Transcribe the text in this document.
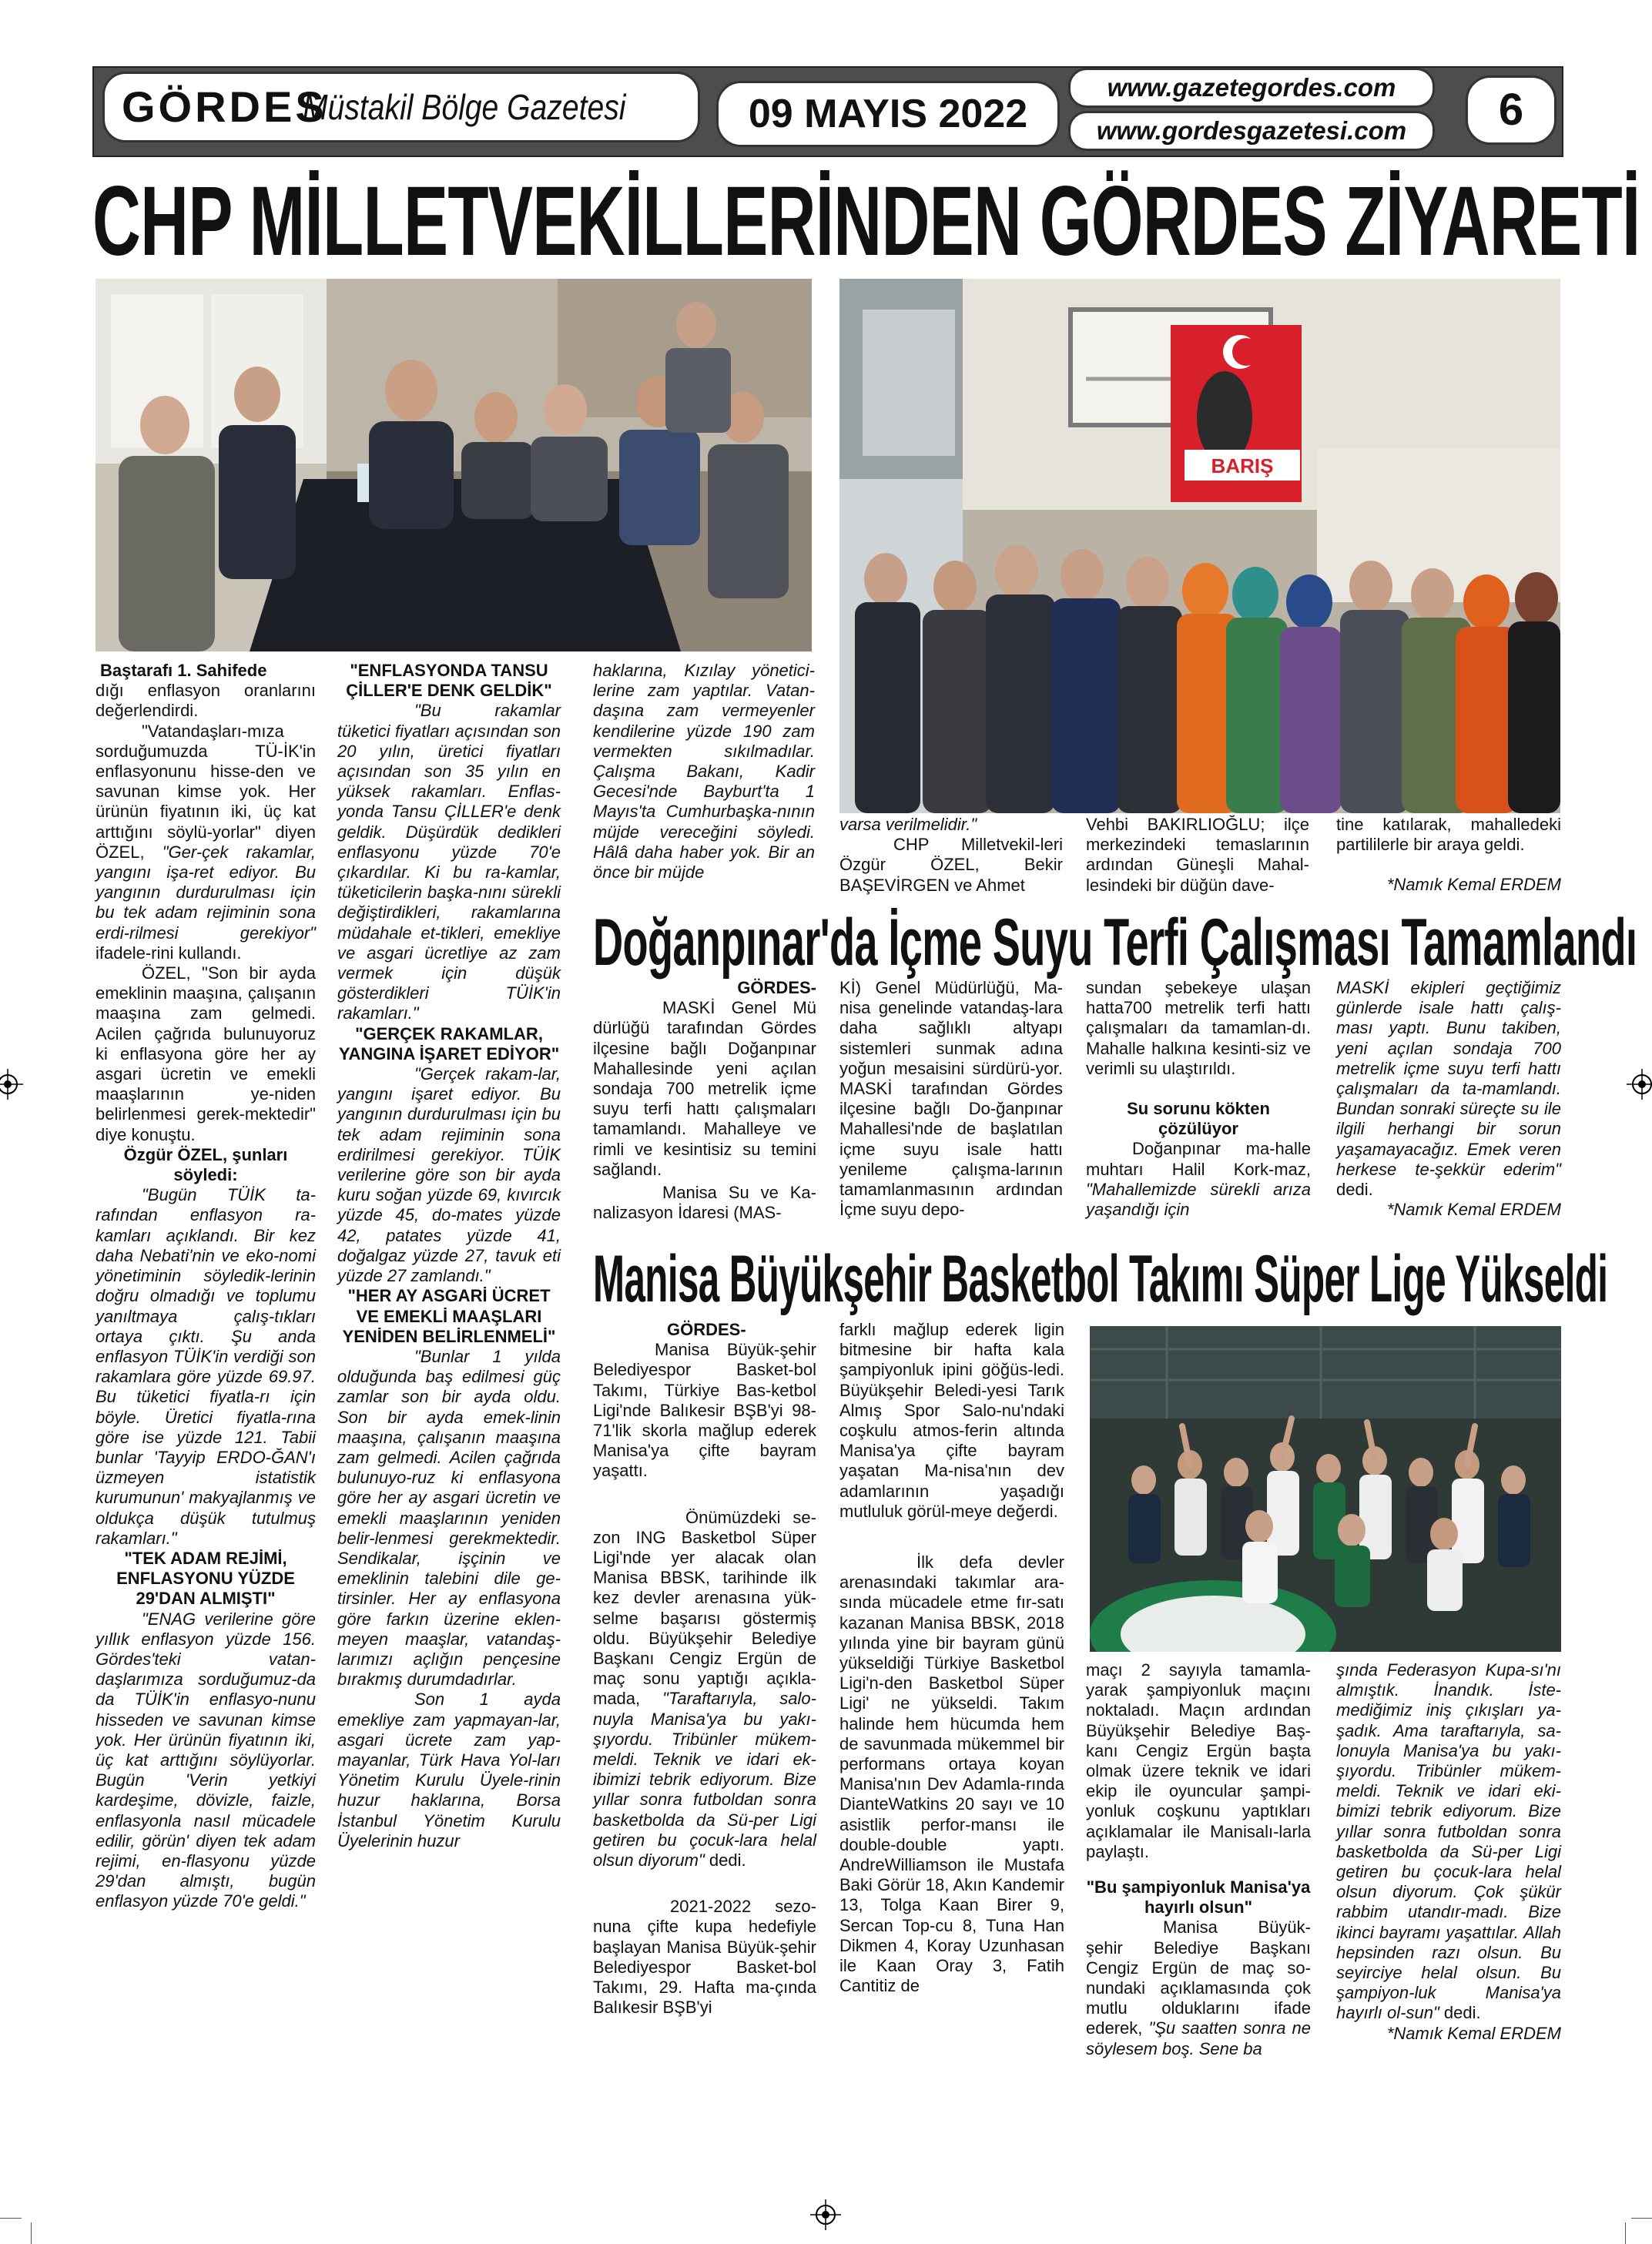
GÖRDES
Müstakil Bölge Gazetesi	09 MAYIS 2022
www.gazetegordes.com
www.gordesgazetesi.com	6
CHP MİLLETVEKİLLERİNDEN GÖRDES ZİYARETİ
BARIŞ

Baştarafı 1. Sahifede

dığı enflasyon oranlarını değerlendirdi.

"Vatandaşları-mıza sorduğumuzda TÜ-İK'in enflasyonunu hisse-den ve savunan kimse yok. Her ürünün fiyatının iki, üç kat arttığını söylü-yorlar" diyen ÖZEL, "Ger-çek rakamlar, yangını işa-ret ediyor. Bu yangının durdurulması için bu tek adam rejiminin sona erdi-rilmesi gerekiyor" ifadele-rini kullandı.

ÖZEL, "Son bir ayda emeklinin maaşına, çalışanın maaşına zam gelmedi. Acilen çağrıda bulunuyoruz ki enflasyona göre her ay asgari ücretin ve emekli maaşlarının ye-niden belirlenmesi gerek-mektedir" diye konuştu.

Özgür ÖZEL, şunları söyledi:

"Bugün TÜİK ta-rafından enflasyon ra-kamları açıklandı. Bir kez daha Nebati'nin ve eko-nomi yönetiminin söyledik-lerinin doğru olmadığı ve toplumu yanıltmaya çalış-tıkları ortaya çıktı. Şu anda enflasyon TÜİK'in verdiği son rakamlara göre yüzde 69.97. Bu tüketici fiyatla-rı için böyle. Üretici fiyatla-rına göre ise yüzde 121. Tabii bunlar 'Tayyip ERDO-ĞAN'ı üzmeyen istatistik kurumunun' makyajlanmış ve oldukça düşük tutulmuş rakamları."

"TEK ADAM REJİMİ, ENFLASYONU YÜZDE 29'DAN ALMIŞTI"

"ENAG verilerine göre yıllık enflasyon yüzde 156. Gördes'teki vatan-daşlarımıza sorduğumuz-da da TÜİK'in enflasyo-nunu hisseden ve savunan kimse yok. Her ürünün fiyatının iki, üç kat arttığını söylüyorlar. Bugün 'Verin yetkiyi kardeşime, dövizle, faizle, enflasyonla nasıl mücadele edilir, görün' diyen tek adam rejimi, en-flasyonu yüzde 29'dan almıştı, bugün enflasyon yüzde 70'e geldi."

"ENFLASYONDA TANSU ÇİLLER'E DENK GELDİK"

"Bu rakamlar tüketici fiyatları açısından son 20 yılın, üretici fiyatları açısından son 35 yılın en yüksek rakamları. Enflas-yonda Tansu ÇİLLER'e denk geldik. Düşürdük dedikleri enflasyonu yüzde 70'e çıkardılar. Ki bu ra-kamlar, tüketicilerin başka-nını sürekli değiştirdikleri, rakamlarına müdahale et-tikleri, emekliye ve asgari ücretliye az zam vermek için düşük gösterdikleri TÜİK'in rakamları."

"GERÇEK RAKAMLAR, YANGINA İŞARET EDİYOR"

"Gerçek rakam-lar, yangını işaret ediyor. Bu yangının durdurulması için bu tek adam rejiminin sona erdirilmesi gerekiyor. TÜİK verilerine göre son bir ayda kuru soğan yüzde 69, kıvırcık yüzde 45, do-mates yüzde 42, patates yüzde 41, doğalgaz yüzde 27, tavuk eti yüzde 27 zamlandı."

"HER AY ASGARİ ÜCRET VE EMEKLİ MAAŞLARI YENİDEN BELİRLENMELİ"

"Bunlar 1 yılda olduğunda baş edilmesi güç zamlar son bir ayda oldu. Son bir ayda emek-linin maaşına, çalışanın maaşına zam gelmedi. Acilen çağrıda bulunuyo-ruz ki enflasyona göre her ay asgari ücretin ve emekli maaşlarının yeniden belir-lenmesi gerekmektedir. Sendikalar, işçinin ve emeklinin talebini dile ge-tirsinler. Her ay enflasyona göre farkın üzerine eklen-meyen maaşlar, vatandaş-larımızı açlığın pençesine bırakmış durumdadırlar.

Son 1 ayda emekliye zam yapmayan-lar, asgari ücrete zam yap-mayanlar, Türk Hava Yol-ları Yönetim Kurulu Üyele-rinin huzur haklarına, Borsa İstanbul Yönetim Kurulu Üyelerinin huzur

haklarına, Kızılay yönetici-lerine zam yaptılar. Vatan-daşına zam vermeyenler kendilerine yüzde 190 zam vermekten sıkılmadılar. Çalışma Bakanı, Kadir Gecesi'nde Bayburt'ta 1 Mayıs'ta Cumhurbaşka-nının müjde vereceğini söyledi. Hâlâ daha haber yok. Bir an önce bir müjde

varsa verilmelidir."

CHP Milletvekil-leri Özgür ÖZEL, Bekir BAŞEVİRGEN ve Ahmet

Vehbi BAKIRLIOĞLU; ilçe merkezindeki temaslarının ardından Güneşli Mahal-lesindeki bir düğün dave-

tine katılarak, mahalledeki partililerle bir araya geldi.

*Namık Kemal ERDEM

Doğanpınar'da İçme Suyu Terfi Çalışması Tamamlandı

GÖRDES-

MASKİ Genel Mü dürlüğü tarafından Gördes ilçesine bağlı Doğanpınar Mahallesinde yeni açılan sondaja 700 metrelik içme suyu terfi hattı çalışmaları tamamlandı. Mahalleye ve rimli ve kesintisiz su temini sağlandı.

Manisa Su ve Ka-nalizasyon İdaresi (MAS-

Kİ) Genel Müdürlüğü, Ma-nisa genelinde vatandaş-lara daha sağlıklı altyapı sistemleri sunmak adına yoğun mesaisini sürdürü-yor. MASKİ tarafından Gördes ilçesine bağlı Do-ğanpınar Mahallesi'nde de başlatılan içme suyu isale hattı yenileme çalışma-larının tamamlanmasının ardından İçme suyu depo-

sundan şebekeye ulaşan hatta700 metrelik terfi hattı çalışmaları da tamamlan-dı. Mahalle halkına kesinti-siz ve verimli su ulaştırıldı.

Su sorunu kökten çözülüyor

Doğanpınar ma-halle muhtarı Halil Kork-maz, "Mahallemizde sürekli arıza yaşandığı için

MASKİ ekipleri geçtiğimiz günlerde isale hattı çalış-ması yaptı. Bunu takiben, yeni açılan sondaja 700 metrelik içme suyu terfi hattı çalışmaları da ta-mamlandı. Bundan sonraki süreçte su ile ilgili herhangi bir sorun yaşamayacağız. Emek veren herkese te-şekkür ederim" dedi.

*Namık Kemal ERDEM

Manisa Büyükşehir Basketbol Takımı Süper Lige Yükseldi

GÖRDES-

Manisa Büyük-şehir Belediyespor Basket-bol Takımı, Türkiye Bas-ketbol Ligi'nde Balıkesir BŞB'yi 98-71'lik skorla mağlup ederek Manisa'ya çifte bayram yaşattı.

Önümüzdeki se-zon ING Basketbol Süper Ligi'nde yer alacak olan Manisa BBSK, tarihinde ilk kez devler arenasına yük-selme başarısı göstermiş oldu. Büyükşehir Belediye Başkanı Cengiz Ergün de maç sonu yaptığı açıkla-mada, "Taraftarıyla, salo-nuyla Manisa'ya bu yakı-şıyordu. Tribünler mükem-meldi. Teknik ve idari ek-ibimizi tebrik ediyorum. Bize yıllar sonra futboldan sonra basketbolda da Sü-per Ligi getiren bu çocuk-lara helal olsun diyorum" dedi.

2021-2022 sezo-nuna çifte kupa hedefiyle başlayan Manisa Büyük-şehir Belediyespor Basket-bol Takımı, 29. Hafta ma-çında Balıkesir BŞB'yi

farklı mağlup ederek ligin bitmesine bir hafta kala şampiyonluk ipini göğüs-ledi. Büyükşehir Beledi-yesi Tarık Almış Spor Salo-nu'ndaki coşkulu atmos-ferin altında Manisa'ya çifte bayram yaşatan Ma-nisa'nın dev adamlarının yaşadığı mutluluk görül-meye değerdi.

İlk defa devler arenasındaki takımlar ara-sında mücadele etme fır-satı kazanan Manisa BBSK, 2018 yılında yine bir bayram günü yükseldiği Türkiye Basketbol Ligi'n-den Basketbol Süper Ligi' ne yükseldi. Takım halinde hem hücumda hem de savunmada mükemmel bir performans ortaya koyan Manisa'nın Dev Adamla-rında DianteWatkins 20 sayı ve 10 asistlik perfor-mansı ile double-double yaptı. AndreWilliamson ile Mustafa Baki Görür 18, Akın Kandemir 13, Tolga Kaan Birer 9, Sercan Top-cu 8, Tuna Han Dikmen 4, Koray Uzunhasan ile Kaan Oray 3, Fatih Cantitiz de

maçı 2 sayıyla tamamla-yarak şampiyonluk maçını noktaladı. Maçın ardından Büyükşehir Belediye Baş-kanı Cengiz Ergün başta olmak üzere teknik ve idari ekip ile oyuncular şampi-yonluk coşkunu yaptıkları açıklamalar ile Manisalı-larla paylaştı.

"Bu şampiyonluk Manisa'ya hayırlı olsun"

Manisa Büyük-şehir Belediye Başkanı Cengiz Ergün de maç so-nundaki açıklamasında çok mutlu olduklarını ifade ederek, "Şu saatten sonra ne söylesem boş. Sene ba

şında Federasyon Kupa-sı'nı almıştık. İnandık. İste-mediğimiz iniş çıkışları ya-şadık. Ama taraftarıyla, sa-lonuyla Manisa'ya bu yakı-şıyordu. Tribünler mükem-meldi. Teknik ve idari eki-bimizi tebrik ediyorum. Bize yıllar sonra futboldan sonra basketbolda da Sü-per Ligi getiren bu çocuk-lara helal olsun diyorum. Çok şükür rabbim utandır-madı. Bize ikinci bayramı yaşattılar. Allah hepsinden razı olsun. Bu seyirciye helal olsun. Bu şampiyon-luk Manisa'ya hayırlı ol-sun" dedi.

*Namık Kemal ERDEM
